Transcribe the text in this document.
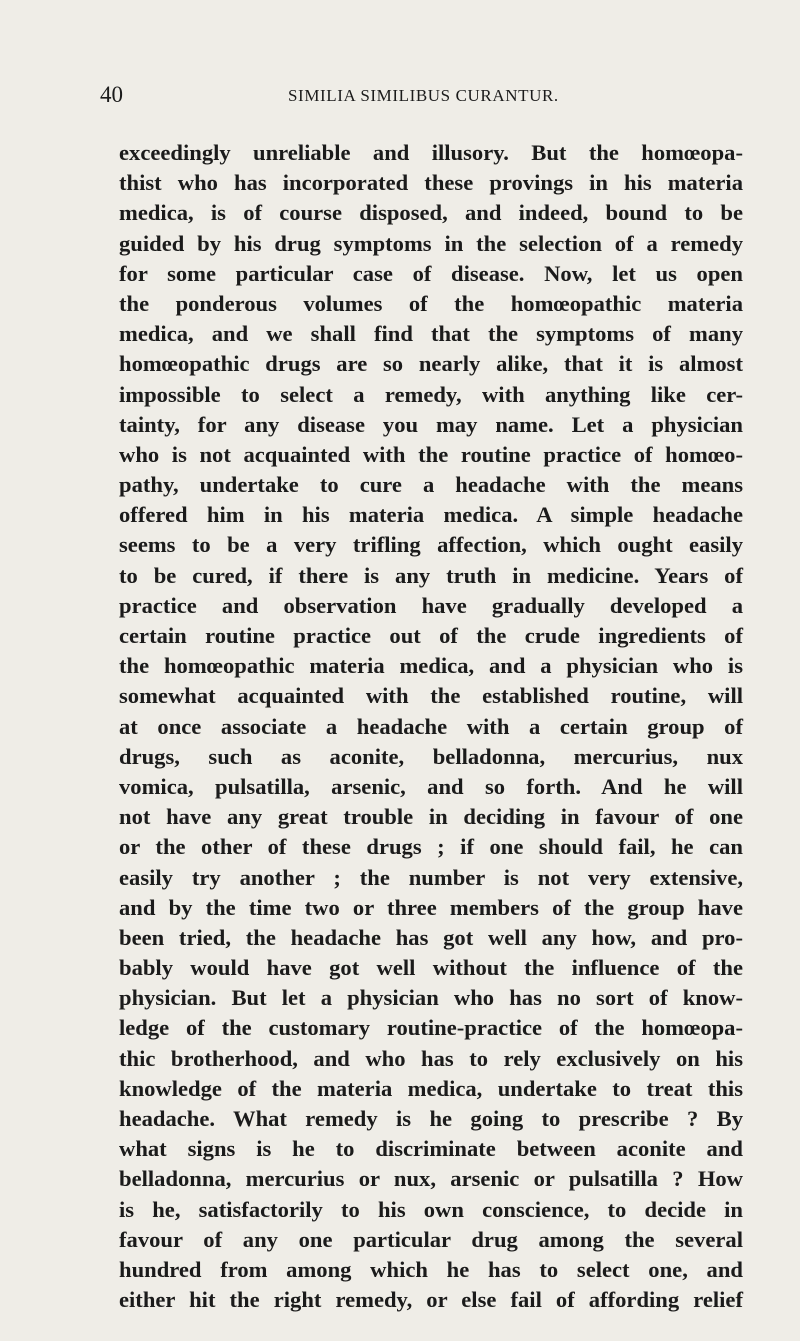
40	SIMILIA SIMILIBUS CURANTUR.
exceedingly unreliable and illusory. But the homœopa-
thist who has incorporated these provings in his materia
medica, is of course disposed, and indeed, bound to be
guided by his drug symptoms in the selection of a remedy
for some particular case of disease. Now, let us open
the ponderous volumes of the homœopathic materia
medica, and we shall find that the symptoms of many
homœopathic drugs are so nearly alike, that it is almost
impossible to select a remedy, with anything like cer-
tainty, for any disease you may name. Let a physician
who is not acquainted with the routine practice of homœo-
pathy, undertake to cure a headache with the means
offered him in his materia medica. A simple headache
seems to be a very trifling affection, which ought easily
to be cured, if there is any truth in medicine. Years of
practice and observation have gradually developed a
certain routine practice out of the crude ingredients of
the homœopathic materia medica, and a physician who is
somewhat acquainted with the established routine, will
at once associate a headache with a certain group of
drugs, such as aconite, belladonna, mercurius, nux
vomica, pulsatilla, arsenic, and so forth. And he will
not have any great trouble in deciding in favour of one
or the other of these drugs ; if one should fail, he can
easily try another ; the number is not very extensive,
and by the time two or three members of the group have
been tried, the headache has got well any how, and pro-
bably would have got well without the influence of the
physician. But let a physician who has no sort of know-
ledge of the customary routine-practice of the homœopa-
thic brotherhood, and who has to rely exclusively on his
knowledge of the materia medica, undertake to treat this
headache. What remedy is he going to prescribe ? By
what signs is he to discriminate between aconite and
belladonna, mercurius or nux, arsenic or pulsatilla ? How
is he, satisfactorily to his own conscience, to decide in
favour of any one particular drug among the several
hundred from among which he has to select one, and
either hit the right remedy, or else fail of affording relief
